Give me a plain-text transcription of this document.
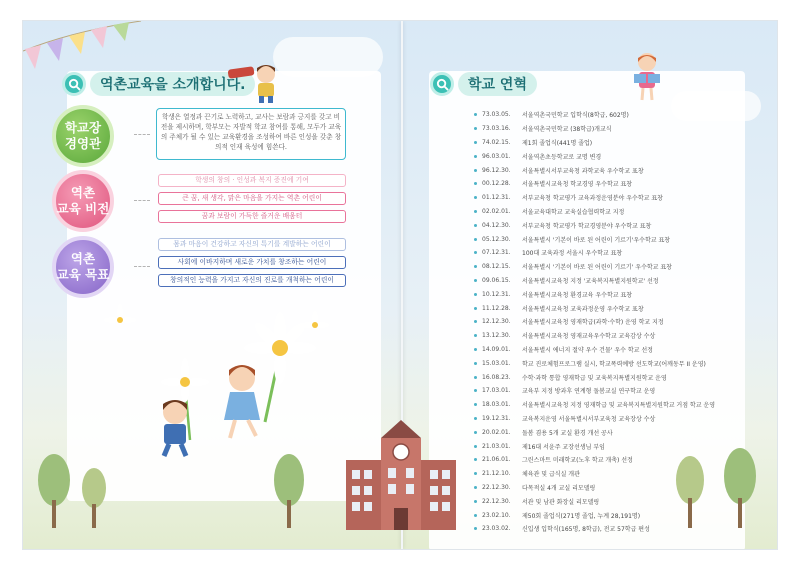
역촌교육을 소개합니다.
학교장
경영관
역촌
교육 비전
역촌
교육 목표
학생은 열정과 끈기로 노력하고, 교사는 보람과 긍지를 갖고 비전을 제시하며, 학부모는 자발적 학교 참여를 통해, 모두가 교육의 주체가 될 수 있는 교육환경을 조성하여 바른 인성을 갖춘 창의적 인재 육성에 힘쓴다.
학생의 창의 · 인성과 복지 증진에 기여
큰 꿈, 새 생각, 맑은 마음을 가지는 역촌 어린이
꿈과 보람이 가득한 즐거운 배움터
몸과 마음이 건강하고 자신의 특기를 계발하는 어린이
사회에 이바지하며 새로운 가치를 창조하는 어린이
창의적인 능력을 가지고 자신의 진로를 개척하는 어린이
학교 연혁
73.03.05.	서울역촌국민학교 입학식(8학급, 602명)
73.03.16.	서울역촌국민학교 (38학급)개교식
74.02.15.	제1회 졸업식(441명 졸업)
96.03.01.	서울역촌초등학교로 교명 변경
96.12.30.	서울특별시서부교육청 과학교육 우수학교 표창
00.12.28.	서울특별시교육청 학교경영 우수학교 표창
01.12.31.	서부교육청 학교평가 교육과정운영분야 우수학교 표창
02.02.01.	서울교육대학교 교육실습협력학교 지정
04.12.30.	서부교육청 학교평가 학교경영분야 우수학교 표창
05.12.30.	서울특별시 '기본이 바로 된 어린이 기르기'우수학교 표창
07.12.31.	100대 교육과정 서울시 우수학교 표창
08.12.15.	서울특별시 '기본이 바로 된 어린이 기르기' 우수학교 표창
09.06.15.	서울특별시교육청 지정 '교육복지특별지원학교' 선정
10.12.31.	서울특별시교육청 환경교육 우수학교 표창
11.12.28.	서울특별시교육청 교육과정운영 우수학교 표창
12.12.30.	서울특별시교육청 영재학급(과학·수학) 운영 학교 지정
13.12.30.	서울특별시교육청 영재교육우수학교 교육감상 수상
14.09.01.	서울특별시 에너지 절약 우수 건물' 우수 학교 선정
15.03.01.	학교 진로체험프로그램 실시, 학교폭력예방 선도학교(어깨동무 II 운영)
16.08.23.	수학·과학 통합 영재학급 및 교육복지특별지원학교 운영
17.03.01.	교육부 지정 방과후 연계형 돌봄교실 연구학교 운영
18.03.01.	서울특별시교육청 지정 영재학급 및 교육복지특별지원학교 거점 학교 운영
19.12.31.	교육복지운영 서울특별시서부교육청 교육장상 수상
20.02.01.	돌봄 겸용 5개 교실 환경 개선 공사
21.03.01.	제16대 서윤주 교장선생님 부임
21.06.01.	그린스마트 미래학교(노후 학교 개축) 선정
21.12.10.	체육관 및 급식실 개관
22.12.30.	다목적실 4개 교실 리모델링
22.12.30.	서관 및 남관 화장실 리모델링
23.02.10.	제50회 졸업식(271명 졸업, 누계 28,191명)
23.03.02.	신입생 입학식(165명, 8학급), 전교 57학급 편성
